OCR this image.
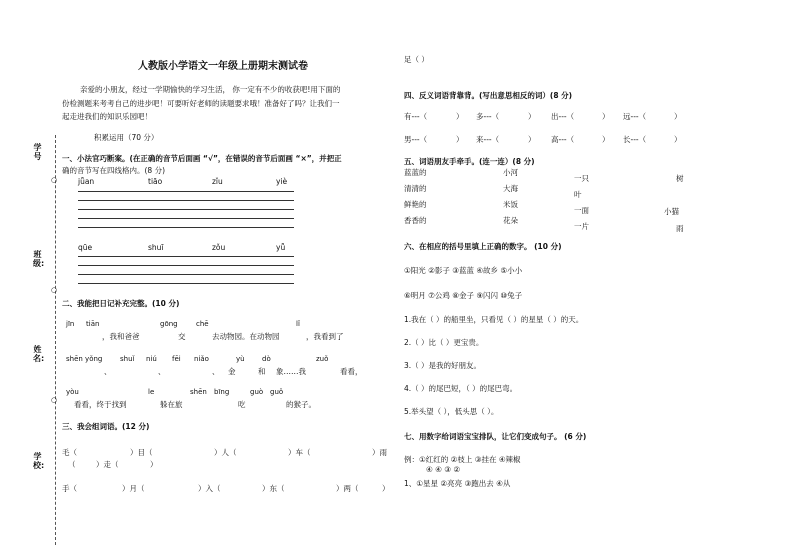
○
○
○
学号
班级:
姓名:
学校:
人教版小学语文一年级上册期末测试卷
亲爱的小朋友，经过一学期愉快的学习生活， 你一定有不少的收获吧!用下面的
份检测题来考考自己的进步吧！可要听好老师的读题要求哦！准备好了吗？让我们一
起走进我们的知识乐园吧！
积累运用（70 分）
一、小法官巧断案。(在正确的音节后面画 “√”，在错误的音节后面画 “×”，并把正
确的音节写在四线格内。(8 分)
jǖan	tiāo	zǐu	yiè
qūe	shuī	zǒu	yǖ
二、我能把日记补充完整。(10 分)
jīn tiān	gōng	chē	lǐ
，我和爸爸	交	去动物园。在动物园	，我看到了
shēn yǒng	shuǐ niú fēi niǎo	yù dò	zuǒ
、	、	、 金	和 象……我	看看，
yòu	le	shēn bīng	guò guǒ
看看，终于找到	躲在旅	吃	的猴子。
三、我会组词语。(12 分)
毛（	）目（	）人（	）车（	）雨
（	）走（	）
手（	）月（	）入（	）东（	）两（	）
足（ ）
四、反义词语背靠背。(写出意思相反的词）(8 分)
有---（	） 多---（	） 出---（	） 远---（	）
男---（	） 来---（	） 高---（	） 长---（	）
五、词语朋友手牵手。(连一连）(8 分)
蓝蓝的
清清的
鲜艳的
香香的
小河
大海
米饭
花朵
一只
叶
一面
一片
树
小猫
雨
六、在相应的括号里填上正确的数字。 (10 分)
①阳光 ②影子 ③蓝蓝 ④故乡 ⑤小小
⑥明月 ⑦公鸡 ⑧金子 ⑨闪闪 ⑩兔子
1.我在（ ）的船里坐，只看见（ ）的星星（ ）的天。
2.（ ）比（ ）更宝贵。
3.（ ）是我的好朋友。
4.（ ）的尾巴短，（ ）的尾巴弯。
5.举头望（ ），低头思（ ）。
七、用数字给词语宝宝排队，让它们变成句子。 (6 分)
例：①红红的 ②枝上 ③挂在 ④辣椒
④ ④ ③ ②
1、①星星 ②亮亮 ③跑出去 ④从
